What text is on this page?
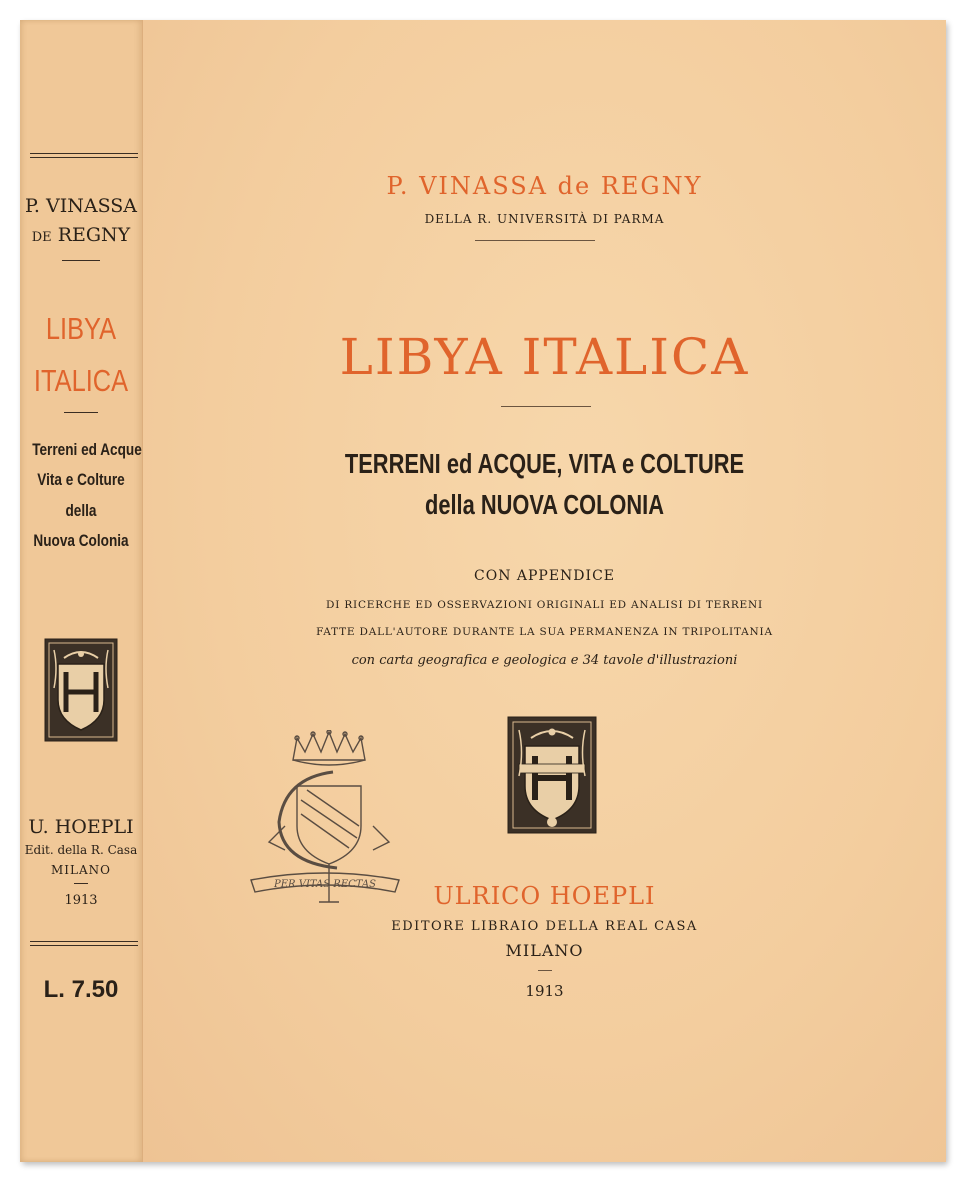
P. VINASSA
de REGNY
LIBYA
ITALICA
Terreni ed Acque
Vita e Colture
della
Nuova Colonia
U. HOEPLI
Edit. della R. Casa
MILANO
1913
L. 7.50
P. VINASSA de REGNY
DELLA R. UNIVERSITÀ DI PARMA
LIBYA ITALICA
TERRENI ed ACQUE, VITA e COLTURE
della NUOVA COLONIA
CON APPENDICE
DI RICERCHE ED OSSERVAZIONI ORIGINALI ED ANALISI DI TERRENI
FATTE DALL'AUTORE DURANTE LA SUA PERMANENZA IN TRIPOLITANIA
con carta geografica e geologica e 34 tavole d'illustrazioni
PER VITAS RECTAS	ULRICO HOEPLI
EDITORE LIBRAIO DELLA REAL CASA
MILANO
1913
